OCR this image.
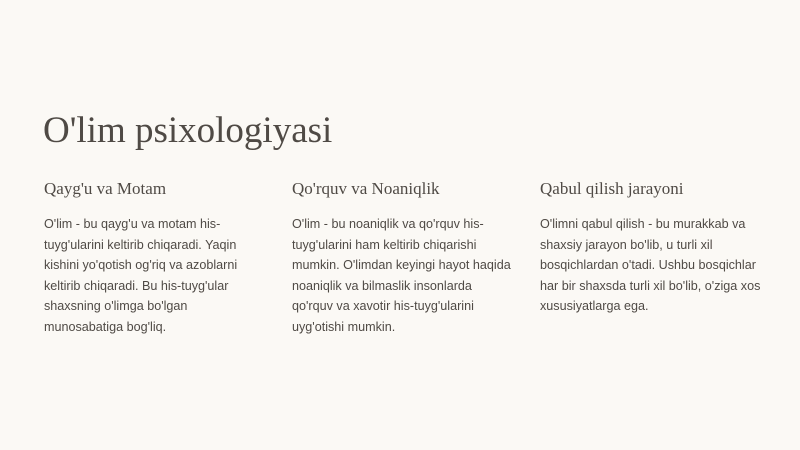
O'lim psixologiyasi
Qayg'u va Motam

O'lim - bu qayg'u va motam his-tuyg'ularini keltirib chiqaradi. Yaqin kishini yo'qotish og'riq va azoblarni keltirib chiqaradi. Bu his-tuyg'ular shaxsning o'limga bo'lgan munosabatiga bog'liq.

Qo'rquv va Noaniqlik

O'lim - bu noaniqlik va qo'rquv his-tuyg'ularini ham keltirib chiqarishi mumkin. O'limdan keyingi hayot haqida noaniqlik va bilmaslik insonlarda qo'rquv va xavotir his-tuyg'ularini uyg'otishi mumkin.

Qabul qilish jarayoni

O'limni qabul qilish - bu murakkab va shaxsiy jarayon bo'lib, u turli xil bosqichlardan o'tadi. Ushbu bosqichlar har bir shaxsda turli xil bo'lib, o'ziga xos xususiyatlarga ega.
